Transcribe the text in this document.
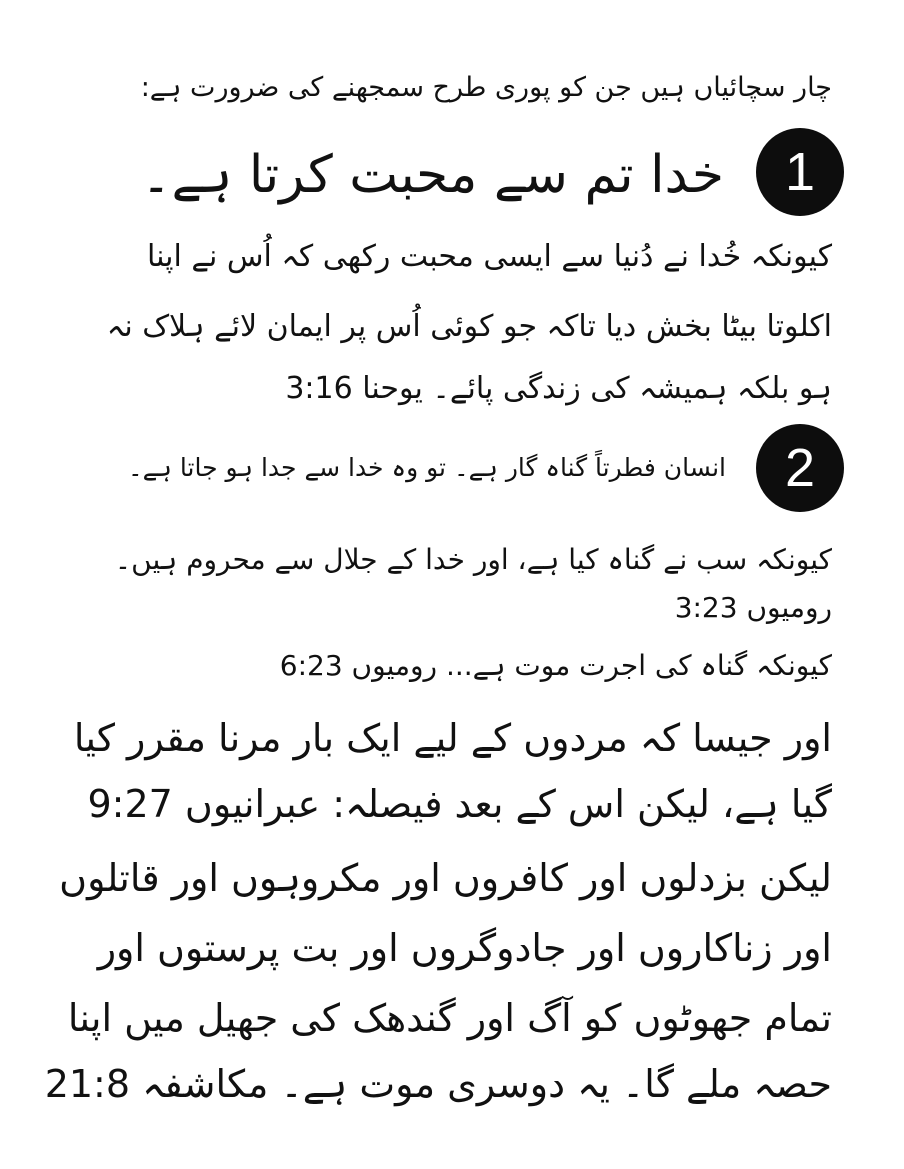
چار سچائیاں ہیں جن کو پوری طرح سمجھنے کی ضرورت ہے:
1
خدا تم سے محبت کرتا ہے۔
کیونکہ خُدا نے دُنیا سے ایسی محبت رکھی کہ اُس نے اپنا
اکلوتا بیٹا بخش دیا تاکہ جو کوئی اُس پر ایمان لائے ہلاک نہ
ہو بلکہ ہمیشہ کی زندگی پائے۔ یوحنا 3:16
2
انسان فطرتاً گناہ گار ہے۔ تو وہ خدا سے جدا ہو جاتا ہے۔
کیونکہ سب نے گناہ کیا ہے، اور خدا کے جلال سے محروم ہیں۔
رومیوں 3:23
کیونکہ گناہ کی اجرت موت ہے... رومیوں 6:23
اور جیسا کہ مردوں کے لیے ایک بار مرنا مقرر کیا
گیا ہے، لیکن اس کے بعد فیصلہ: عبرانیوں 9:27
لیکن بزدلوں اور کافروں اور مکروہوں اور قاتلوں
اور زناکاروں اور جادوگروں اور بت پرستوں اور
تمام جھوٹوں کو آگ اور گندھک کی جھیل میں اپنا
حصہ ملے گا۔ یہ دوسری موت ہے۔ مکاشفہ 21:8
